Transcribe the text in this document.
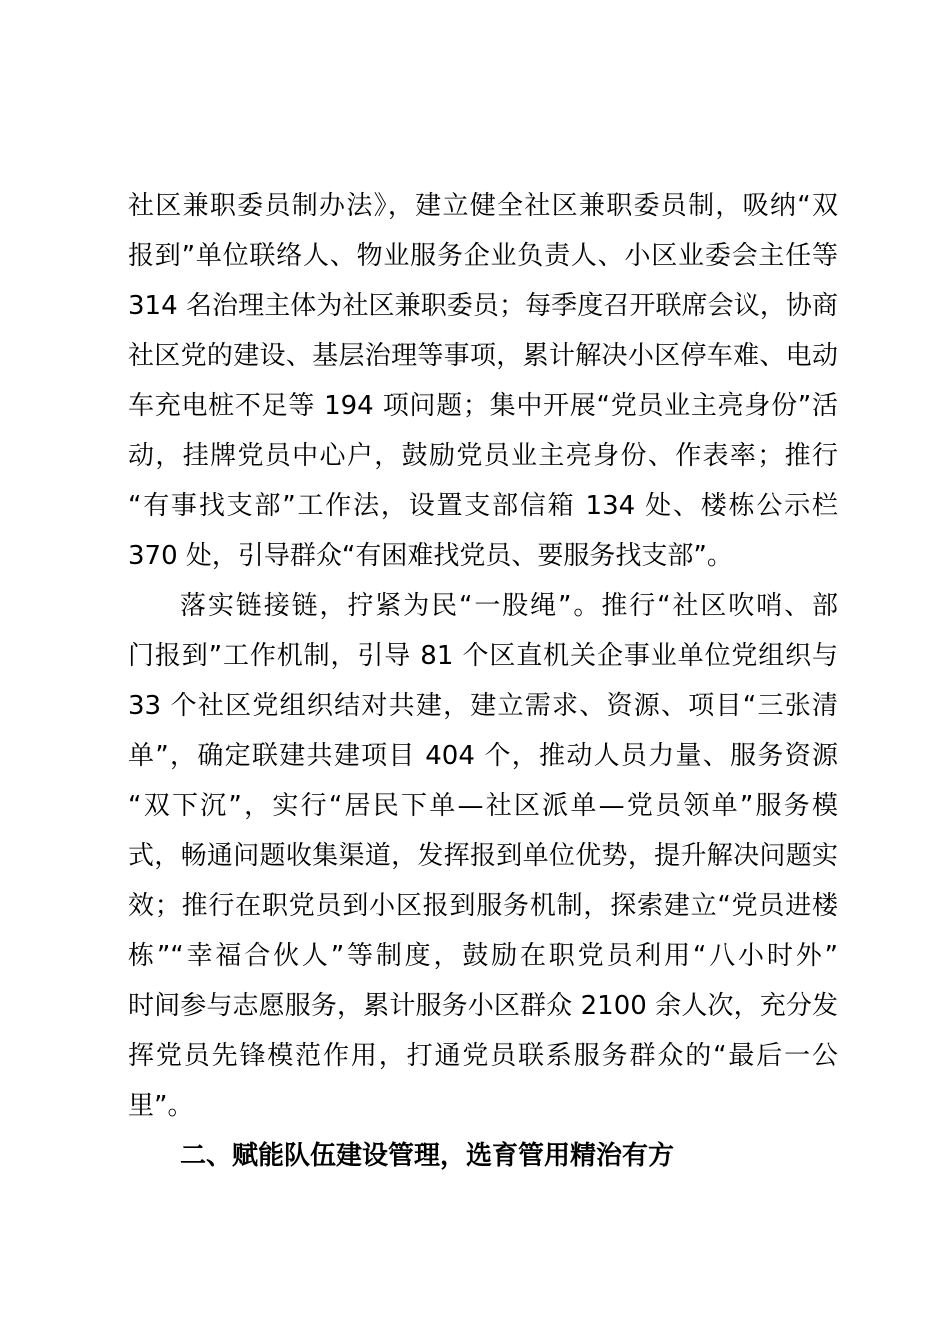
社区兼职委员制办法》，建立健全社区兼职委员制，吸纳“双
报到”单位联络人、物业服务企业负责人、小区业委会主任等
314 名治理主体为社区兼职委员；每季度召开联席会议，协商
社区党的建设、基层治理等事项，累计解决小区停车难、电动
车充电桩不足等 194 项问题；集中开展“党员业主亮身份”活
动，挂牌党员中心户，鼓励党员业主亮身份、作表率；推行
“有事找支部”工作法，设置支部信箱 134 处、楼栋公示栏
370 处，引导群众“有困难找党员、要服务找支部”。
落实链接链，拧紧为民“一股绳”。推行“社区吹哨、部
门报到”工作机制，引导 81 个区直机关企事业单位党组织与
33 个社区党组织结对共建，建立需求、资源、项目“三张清
单”，确定联建共建项目 404 个，推动人员力量、服务资源
“双下沉”，实行“居民下单—社区派单—党员领单”服务模
式，畅通问题收集渠道，发挥报到单位优势，提升解决问题实
效；推行在职党员到小区报到服务机制，探索建立“党员进楼
栋”“幸福合伙人”等制度，鼓励在职党员利用“八小时外”
时间参与志愿服务，累计服务小区群众 2100 余人次，充分发
挥党员先锋模范作用，打通党员联系服务群众的“最后一公
里”。
二、赋能队伍建设管理，选育管用精治有方
